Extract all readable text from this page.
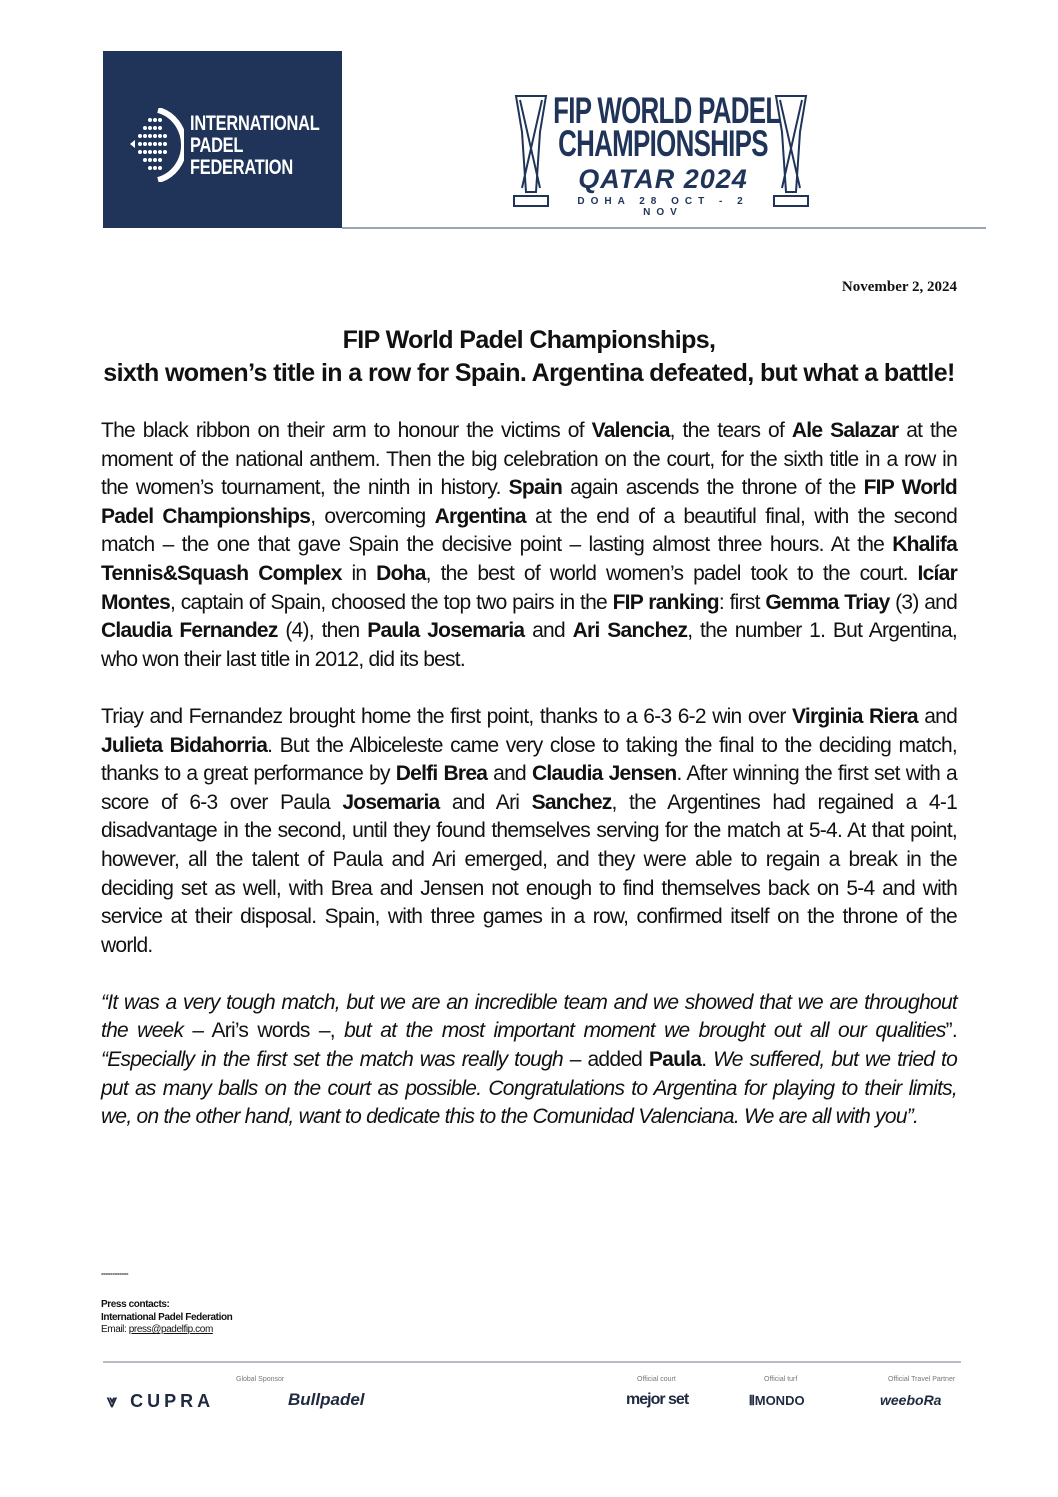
INTERNATIONAL
PADEL
FEDERATION
FIP WORLD PADEL
CHAMPIONSHIPS
QATAR 2024
DOHA 28 OCT - 2 NOV
November 2, 2024
FIP World Padel Championships,
sixth women’s title in a row for Spain. Argentina defeated, but what a battle!

The black ribbon on their arm to honour the victims of Valencia, the tears of Ale Salazar at the moment of the national anthem. Then the big celebration on the court, for the sixth title in a row in the women’s tournament, the ninth in history. Spain again ascends the throne of the FIP World Padel Championships, overcoming Argentina at the end of a beautiful final, with the second match – the one that gave Spain the decisive point – lasting almost three hours. At the Khalifa Tennis&Squash Complex in Doha, the best of world women’s padel took to the court. Icíar Montes, captain of Spain, choosed the top two pairs in the FIP ranking: first Gemma Triay (3) and Claudia Fernandez (4), then Paula Josemaria and Ari Sanchez, the number 1. But Argentina, who won their last title in 2012, did its best.

Triay and Fernandez brought home the first point, thanks to a 6-3 6-2 win over Virginia Riera and Julieta Bidahorria. But the Albiceleste came very close to taking the final to the deciding match, thanks to a great performance by Delfi Brea and Claudia Jensen. After winning the first set with a score of 6-3 over Paula Josemaria and Ari Sanchez, the Argentines had regained a 4-1 disadvantage in the second, until they found themselves serving for the match at 5-4. At that point, however, all the talent of Paula and Ari emerged, and they were able to regain a break in the deciding set as well, with Brea and Jensen not enough to find themselves back on 5-4 and with service at their disposal. Spain, with three games in a row, confirmed itself on the throne of the world.

“It was a very tough match, but we are an incredible team and we showed that we are throughout the week – Ari’s words –, but at the most important moment we brought out all our qualities”. “Especially in the first set the match was really tough – added Paula. We suffered, but we tried to put as many balls on the court as possible. Congratulations to Argentina for playing to their limits, we, on the other hand, want to dedicate this to the Comunidad Valenciana. We are all with you”.

------------
Press contacts:
International Padel Federation
Email: press@padelfip.com
Global Sponsor
⩔ CUPRA	Bullpadel
Official court
mejor set
Official turf
⦀MONDO
Official Travel Partner
weeboRa
